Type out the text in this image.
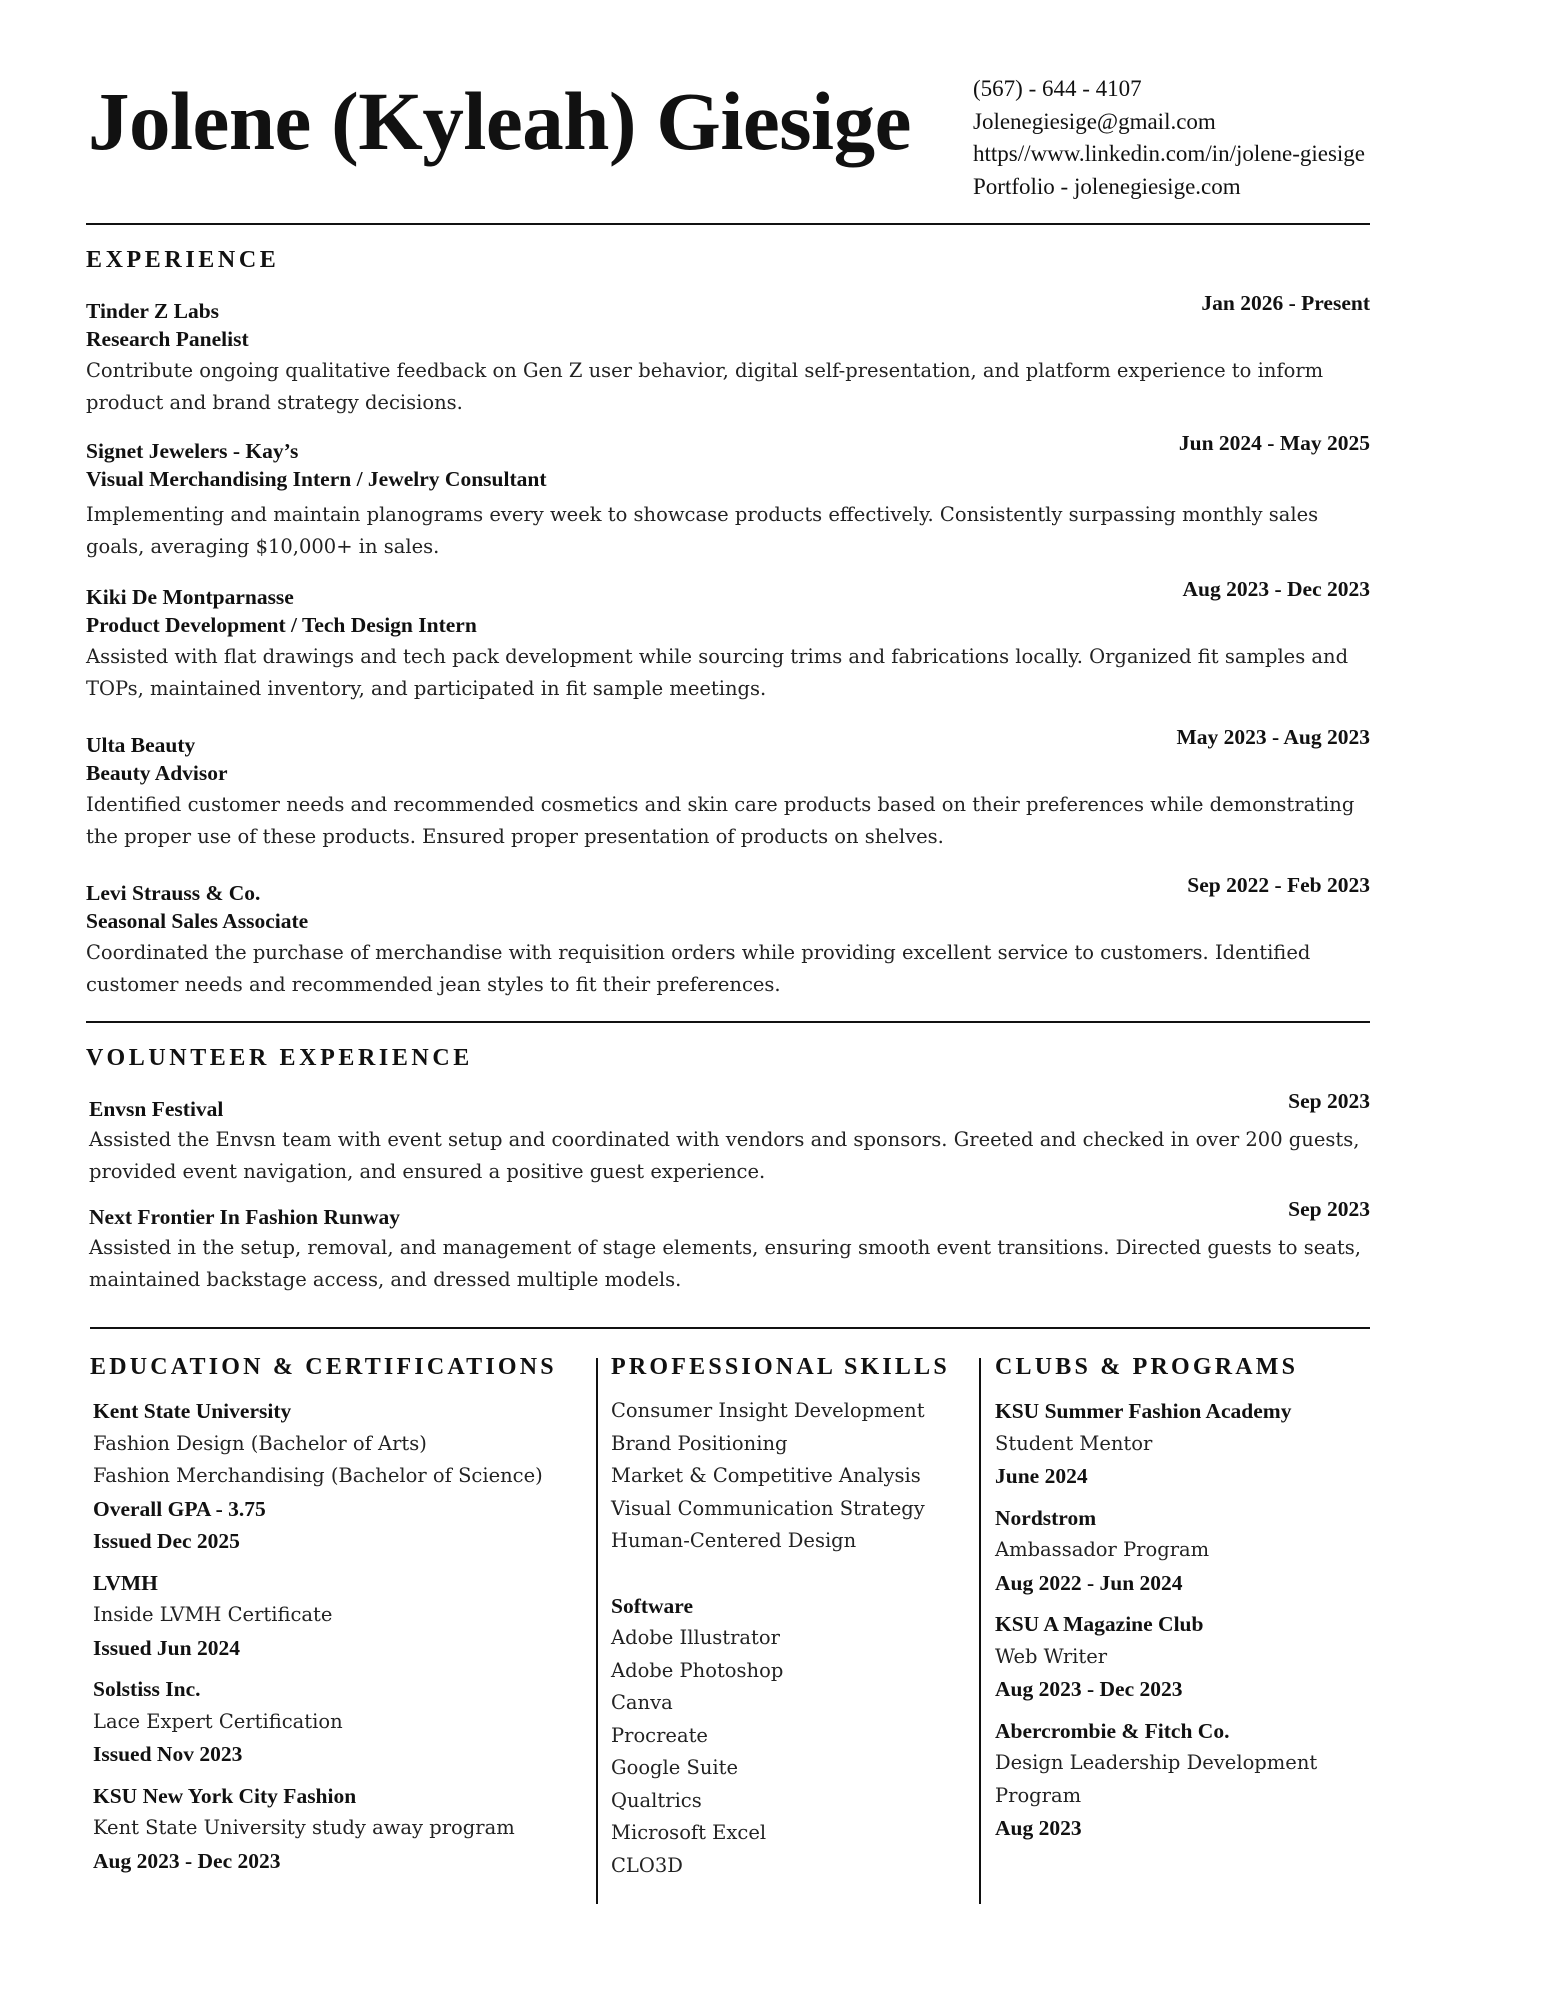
Jolene (Kyleah) Giesige	(567) - 644 - 4107
Jolenegiesige@gmail.com
https//www.linkedin.com/in/jolene-giesige
Portfolio - jolenegiesige.com
EXPERIENCE
Tinder Z Labs	Jan 2026 - Present
Research Panelist
Contribute ongoing qualitative feedback on Gen Z user behavior, digital self-presentation, and platform experience to inform product and brand strategy decisions.
Signet Jewelers - Kay’s	Jun 2024 - May 2025
Visual Merchandising Intern / Jewelry Consultant
Implementing and maintain planograms every week to showcase products effectively. Consistently surpassing monthly sales goals, averaging $10,000+ in sales.
Kiki De Montparnasse	Aug 2023 - Dec 2023
Product Development / Tech Design Intern
Assisted with flat drawings and tech pack development while sourcing trims and fabrications locally. Organized fit samples and TOPs, maintained inventory, and participated in fit sample meetings.
Ulta Beauty	May 2023 - Aug 2023
Beauty Advisor
Identified customer needs and recommended cosmetics and skin care products based on their preferences while demonstrating the proper use of these products. Ensured proper presentation of products on shelves.
Levi Strauss & Co.	Sep 2022 - Feb 2023
Seasonal Sales Associate
Coordinated the purchase of merchandise with requisition orders while providing excellent service to customers. Identified customer needs and recommended jean styles to fit their preferences.
VOLUNTEER EXPERIENCE
Envsn Festival	Sep 2023
Assisted the Envsn team with event setup and coordinated with vendors and sponsors. Greeted and checked in over 200 guests, provided event navigation, and ensured a positive guest experience.
Next Frontier In Fashion Runway	Sep 2023
Assisted in the setup, removal, and management of stage elements, ensuring smooth event transitions. Directed guests to seats, maintained backstage access, and dressed multiple models.
EDUCATION & CERTIFICATIONS PROFESSIONAL SKILLS CLUBS & PROGRAMS
Kent State University
Fashion Design (Bachelor of Arts)
Fashion Merchandising (Bachelor of Science)
Overall GPA - 3.75
Issued Dec 2025
LVMH
Inside LVMH Certificate
Issued Jun 2024
Solstiss Inc.
Lace Expert Certification
Issued Nov 2023
KSU New York City Fashion
Kent State University study away program
Aug 2023 - Dec 2023
Consumer Insight Development
Brand Positioning
Market & Competitive Analysis
Visual Communication Strategy
Human-Centered Design
Software
Adobe Illustrator
Adobe Photoshop
Canva
Procreate
Google Suite
Qualtrics
Microsoft Excel
CLO3D
KSU Summer Fashion Academy
Student Mentor
June 2024
Nordstrom
Ambassador Program
Aug 2022 - Jun 2024
KSU A Magazine Club
Web Writer
Aug 2023 - Dec 2023
Abercrombie & Fitch Co.
Design Leadership Development
Program
Aug 2023
